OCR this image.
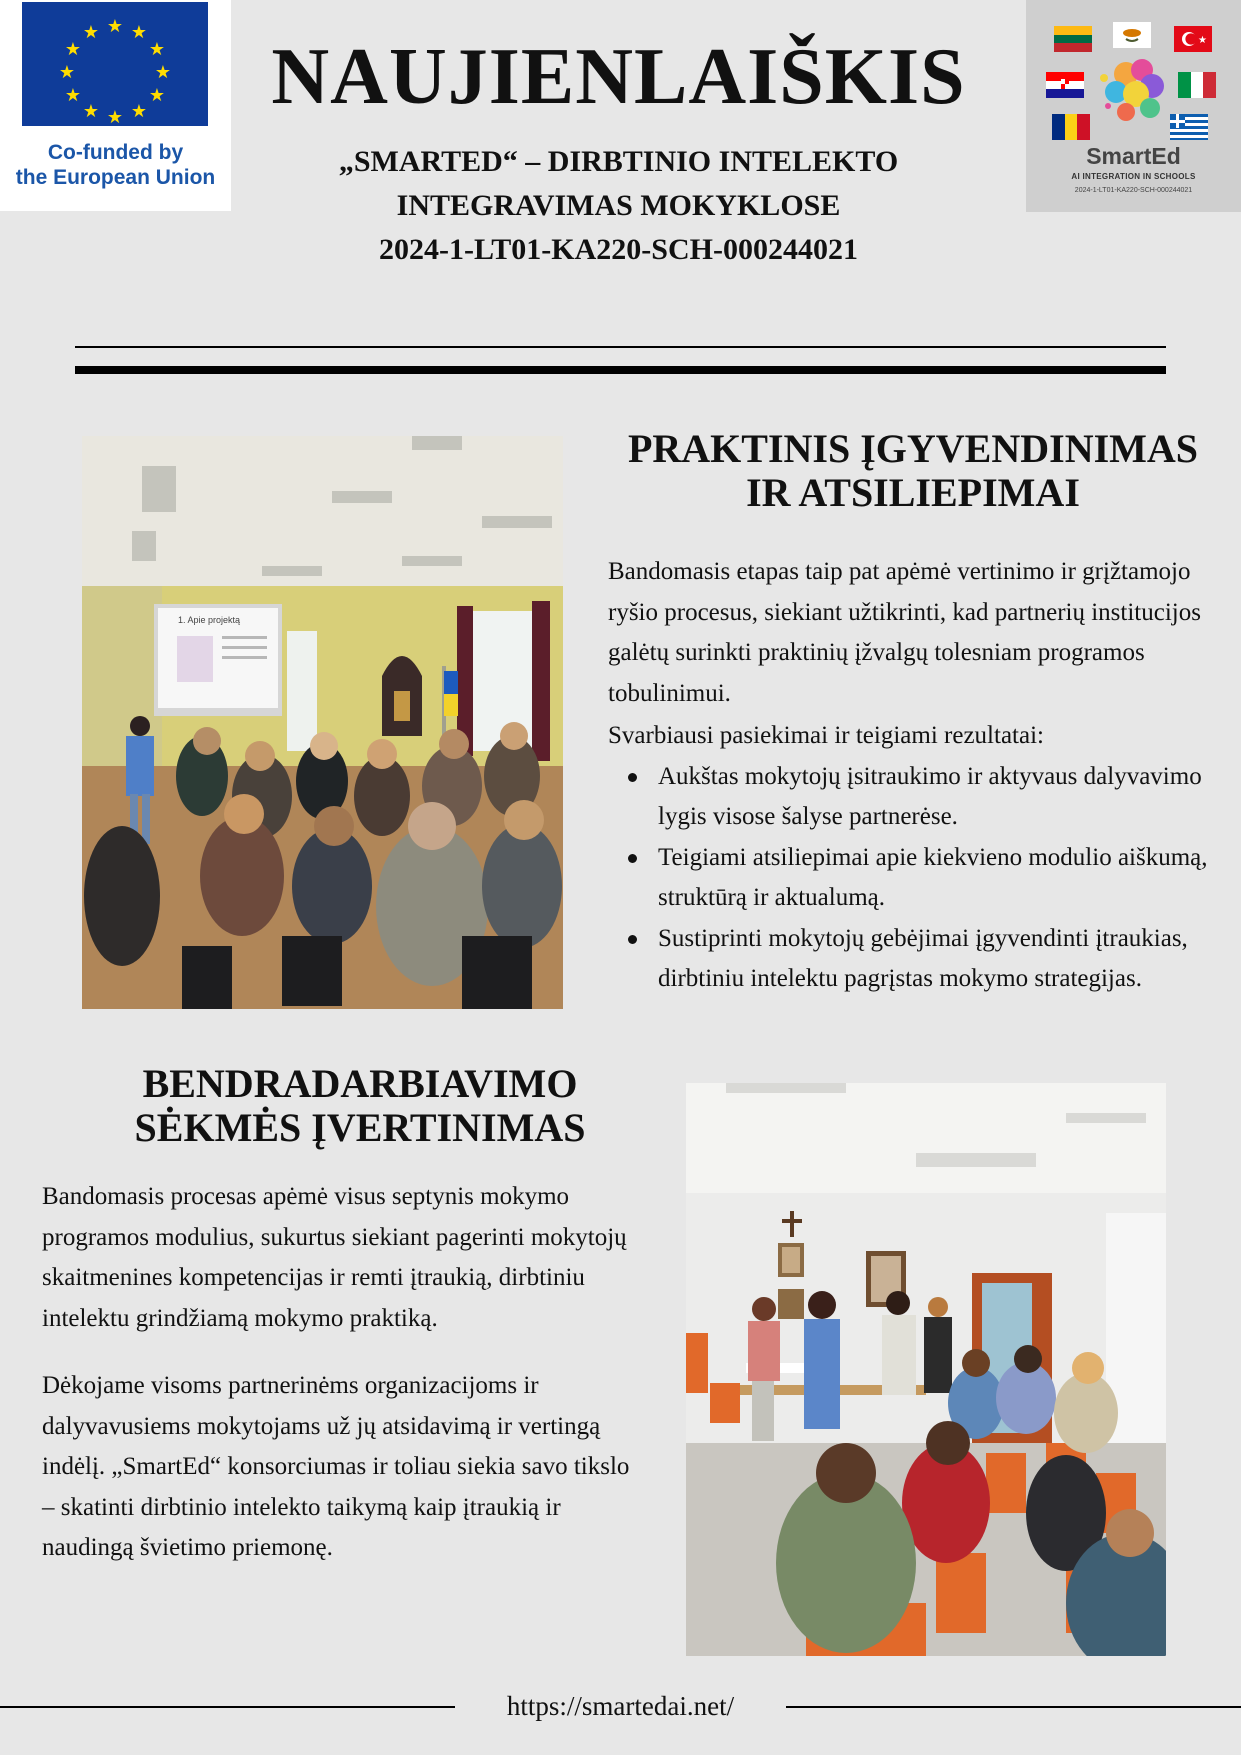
★ ★
★
★
★
★
★
★
★
★
★
★
Co-funded by
the European Union
NAUJIENLAIŠKIS
„SMARTED“ – DIRBTINIO INTELEKTO
INTEGRAVIMAS MOKYKLOSE
2024-1-LT01-KA220-SCH-000244021
★
SmartEd
AI INTEGRATION IN SCHOOLS
2024-1-LT01-KA220-SCH-000244021
1. Apie projektą
PRAKTINIS ĮGYVENDINIMAS
IR ATSILIEPIMAI

Bandomasis etapas taip pat apėmė vertinimo ir grįžtamojo ryšio procesus, siekiant užtikrinti, kad partnerių institucijos galėtų surinkti praktinių įžvalgų tolesniam programos tobulinimui.

Svarbiausi pasiekimai ir teigiami rezultatai:

Aukštas mokytojų įsitraukimo ir aktyvaus dalyvavimo lygis visose šalyse partnerėse.
Teigiami atsiliepimai apie kiekvieno modulio aiškumą, struktūrą ir aktualumą.
Sustiprinti mokytojų gebėjimai įgyvendinti įtraukias, dirbtiniu intelektu pagrįstas mokymo strategijas.
BENDRADARBIAVIMO
SĖKMĖS ĮVERTINIMAS

Bandomasis procesas apėmė visus septynis mokymo programos modulius, sukurtus siekiant pagerinti mokytojų skaitmenines kompetencijas ir remti įtraukią, dirbtiniu intelektu grindžiamą mokymo praktiką.

Dėkojame visoms partnerinėms organizacijoms ir dalyvavusiems mokytojams už jų atsidavimą ir vertingą indėlį. „SmartEd“ konsorciumas ir toliau siekia savo tikslo – skatinti dirbtinio intelekto taikymą kaip įtraukią ir naudingą švietimo priemonę.

https://smartedai.net/
